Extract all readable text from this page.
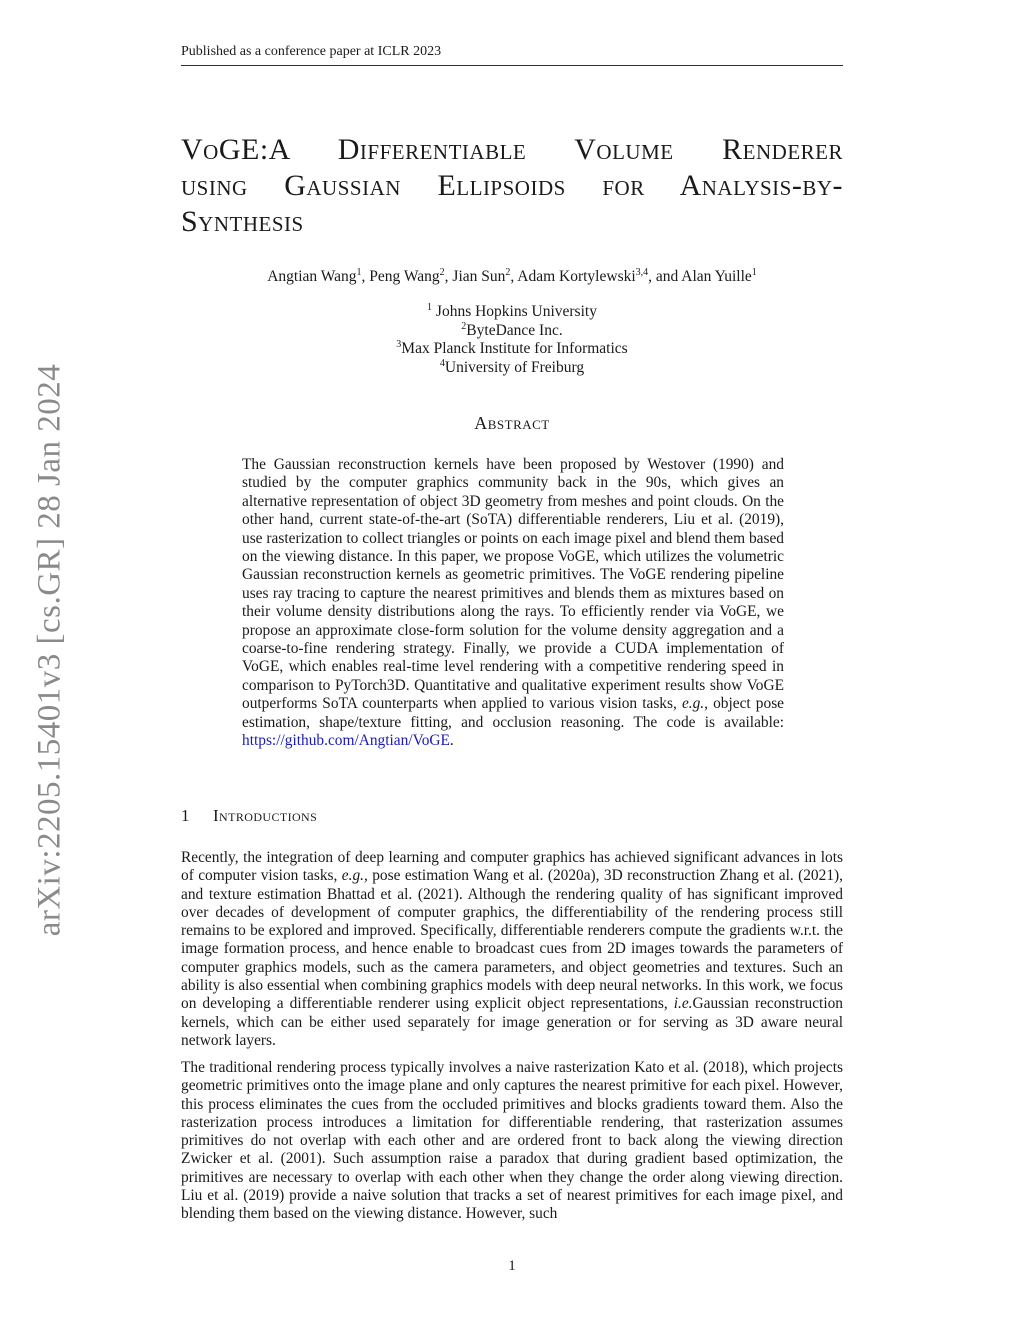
Published as a conference paper at ICLR 2023
arXiv:2205.15401v3 [cs.GR] 28 Jan 2024
VoGE:A Differentiable Volume Renderer
using Gaussian Ellipsoids for Analysis-by-
Synthesis
Angtian Wang$^1$, Peng Wang$^2$, Jian Sun$^2$, Adam Kortylewski$^{3,4}$, and Alan Yuille$^1$
$^1$ Johns Hopkins University
$^2$ByteDance Inc.
$^3$Max Planck Institute for Informatics
$^4$University of Freiburg
Abstract
The Gaussian reconstruction kernels have been proposed by Westover (1990) and studied by the computer graphics community back in the 90s, which gives an alternative representation of object 3D geometry from meshes and point clouds. On the other hand, current state-of-the-art (SoTA) differentiable renderers, Liu et al. (2019), use rasterization to collect triangles or points on each image pixel and blend them based on the viewing distance. In this paper, we propose VoGE, which utilizes the volumetric Gaussian reconstruction kernels as geometric primitives. The VoGE rendering pipeline uses ray tracing to capture the nearest primitives and blends them as mixtures based on their volume density distributions along the rays. To efficiently render via VoGE, we propose an approximate close-form solution for the volume density aggregation and a coarse-to-fine rendering strategy. Finally, we provide a CUDA implementation of VoGE, which enables real-time level rendering with a competitive rendering speed in comparison to PyTorch3D. Quantitative and qualitative experiment results show VoGE outperforms SoTA counterparts when applied to various vision tasks, e.g., object pose estimation, shape/texture fitting, and occlusion reasoning. The code is available: https://github.com/Angtian/VoGE.
1 Introductions
Recently, the integration of deep learning and computer graphics has achieved significant advances in lots of computer vision tasks, e.g., pose estimation Wang et al. (2020a), 3D reconstruction Zhang et al. (2021), and texture estimation Bhattad et al. (2021). Although the rendering quality of has significant improved over decades of development of computer graphics, the differentiability of the rendering process still remains to be explored and improved. Specifically, differentiable renderers compute the gradients w.r.t. the image formation process, and hence enable to broadcast cues from 2D images towards the parameters of computer graphics models, such as the camera parameters, and object geometries and textures. Such an ability is also essential when combining graphics models with deep neural networks. In this work, we focus on developing a differentiable renderer using explicit object representations, i.e.Gaussian reconstruction kernels, which can be either used separately for image generation or for serving as 3D aware neural network layers.
The traditional rendering process typically involves a naive rasterization Kato et al. (2018), which projects geometric primitives onto the image plane and only captures the nearest primitive for each pixel. However, this process eliminates the cues from the occluded primitives and blocks gradients toward them. Also the rasterization process introduces a limitation for differentiable rendering, that rasterization assumes primitives do not overlap with each other and are ordered front to back along the viewing direction Zwicker et al. (2001). Such assumption raise a paradox that during gradient based optimization, the primitives are necessary to overlap with each other when they change the order along viewing direction. Liu et al. (2019) provide a naive solution that tracks a set of nearest primitives for each image pixel, and blending them based on the viewing distance. However, such
1
